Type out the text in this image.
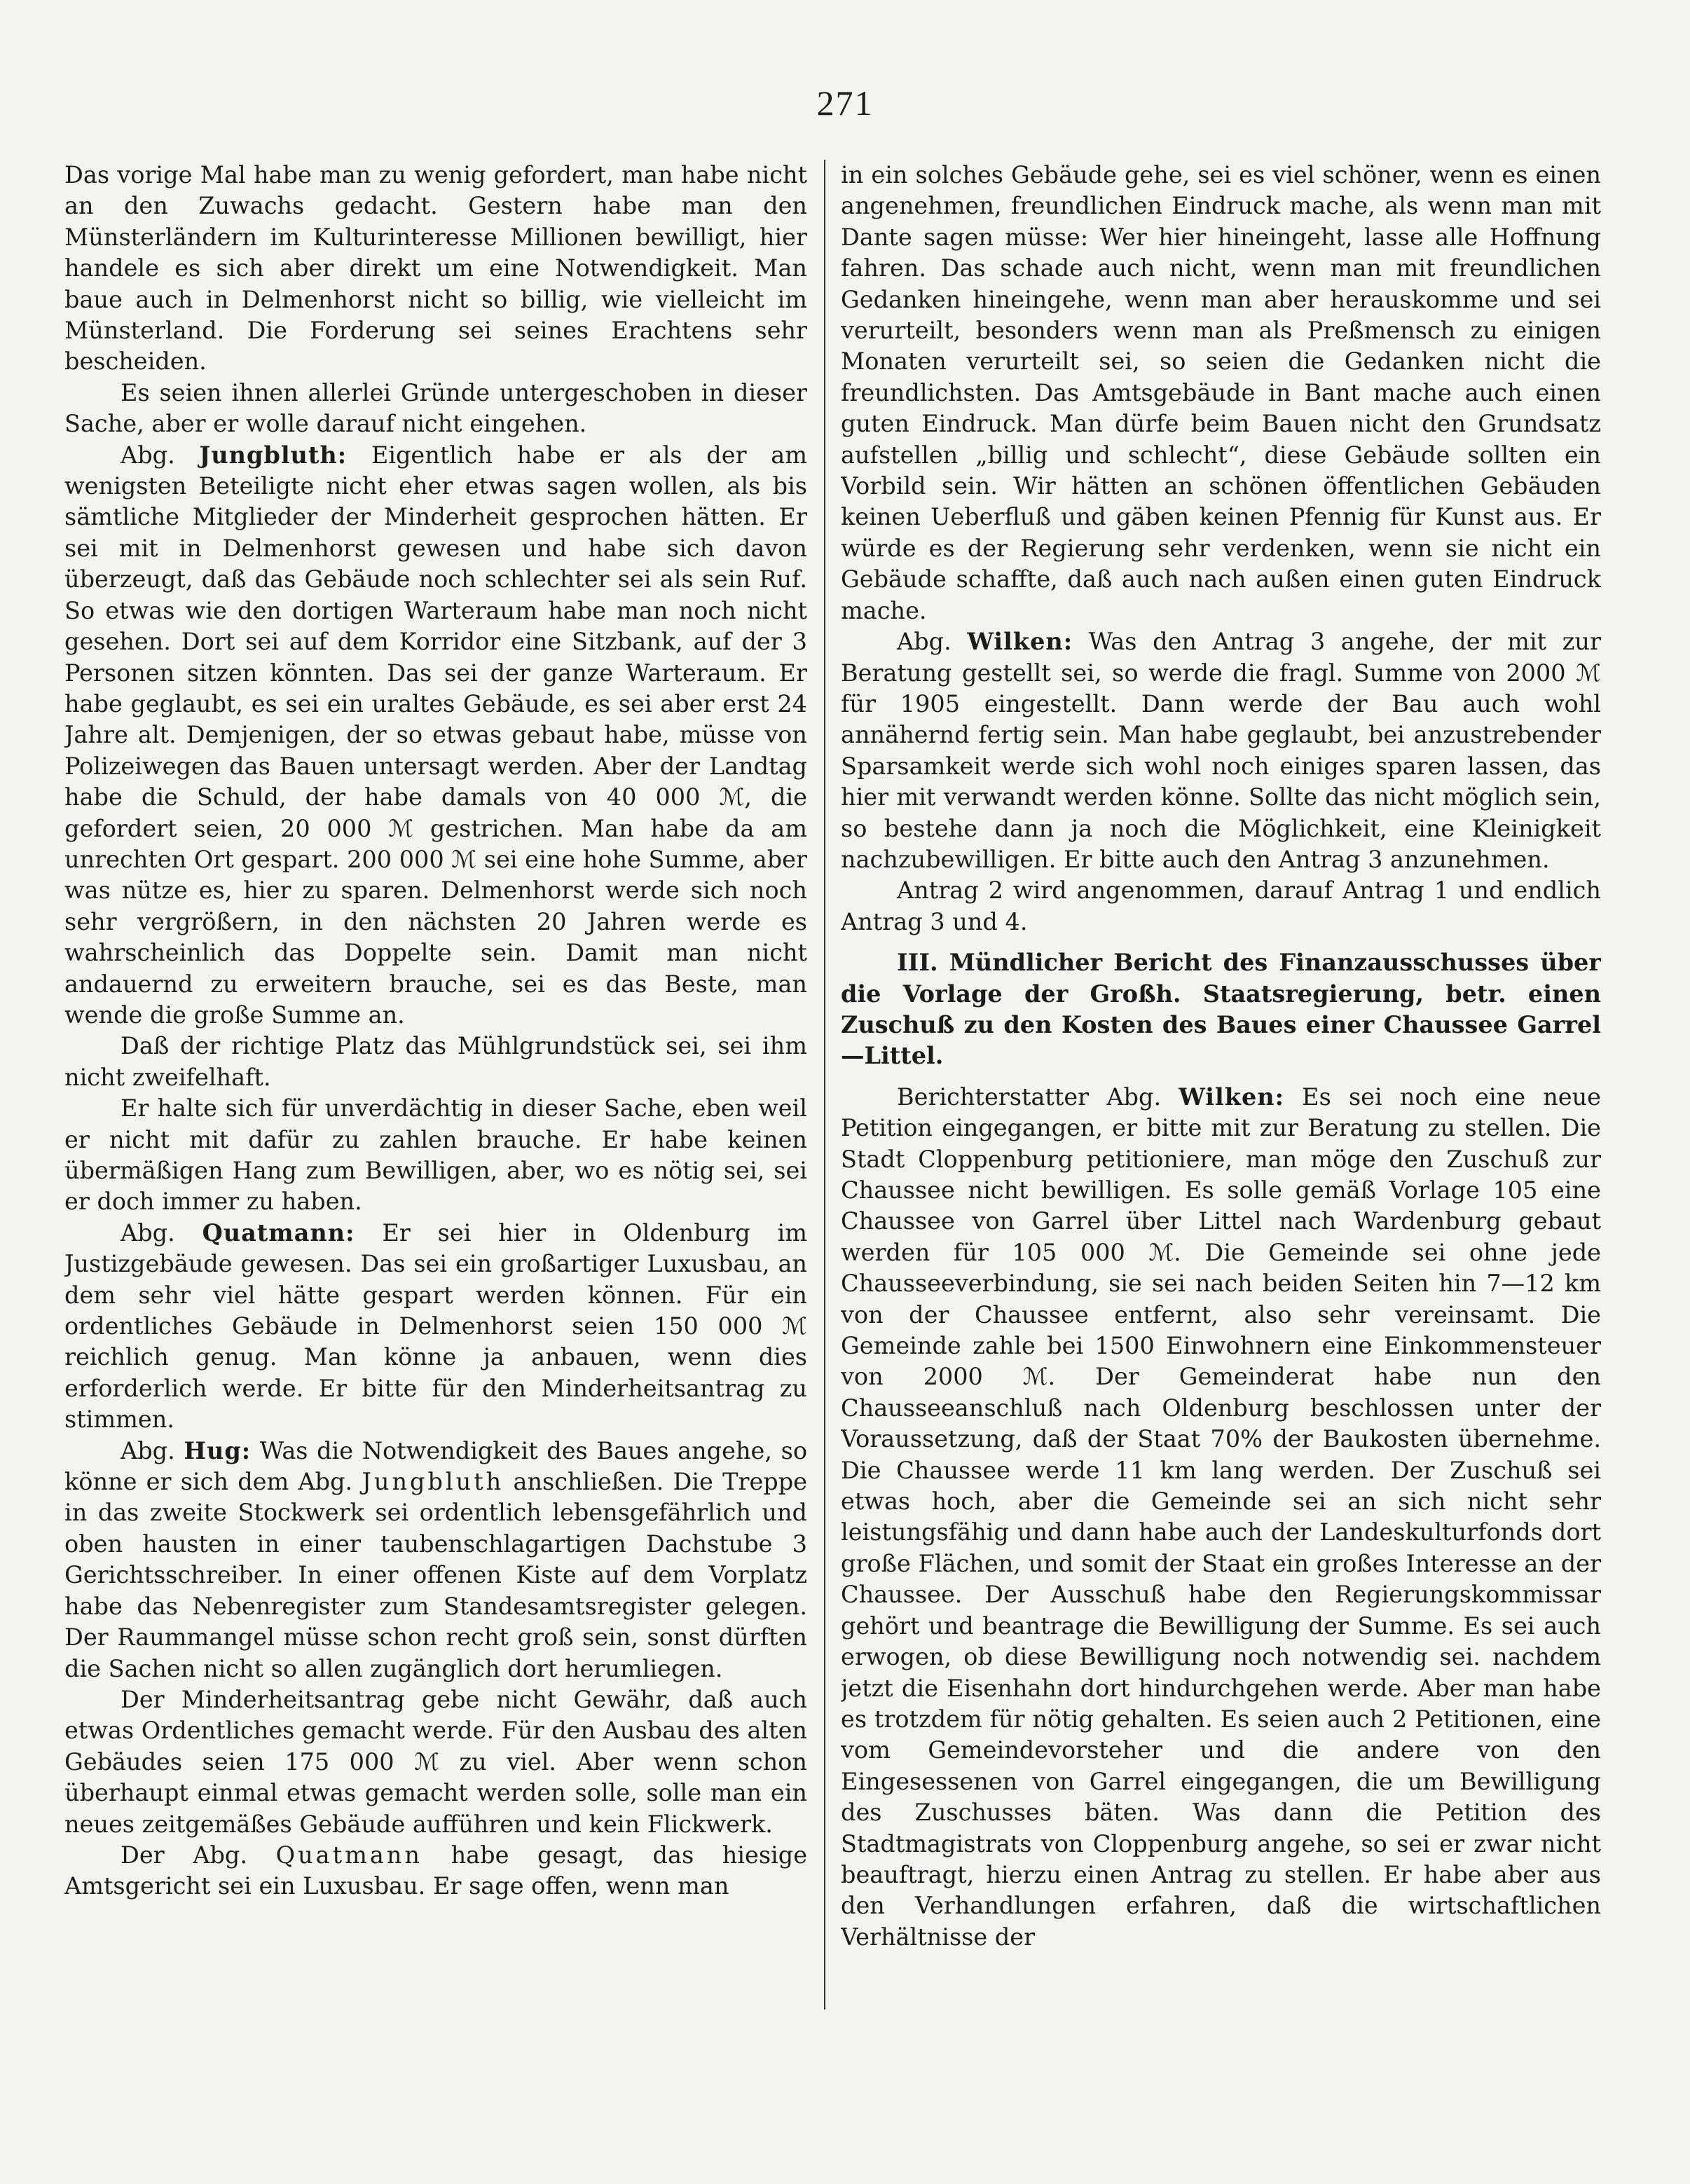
271

Das vorige Mal habe man zu wenig gefordert, man habe nicht an den Zuwachs gedacht. Gestern habe man den Münsterländern im Kulturinteresse Millionen bewilligt, hier handele es sich aber direkt um eine Notwendigkeit. Man baue auch in Delmenhorst nicht so billig, wie vielleicht im Münsterland. Die Forderung sei seines Erachtens sehr bescheiden.

Es seien ihnen allerlei Gründe untergeschoben in dieser Sache, aber er wolle darauf nicht eingehen.

Abg. Jungbluth: Eigentlich habe er als der am wenigsten Beteiligte nicht eher etwas sagen wollen, als bis sämtliche Mitglieder der Minderheit gesprochen hätten. Er sei mit in Delmenhorst gewesen und habe sich davon überzeugt, daß das Gebäude noch schlechter sei als sein Ruf. So etwas wie den dortigen Warteraum habe man noch nicht gesehen. Dort sei auf dem Korridor eine Sitzbank, auf der 3 Personen sitzen könnten. Das sei der ganze Warteraum. Er habe geglaubt, es sei ein uraltes Gebäude, es sei aber erst 24 Jahre alt. Demjenigen, der so etwas gebaut habe, müsse von Polizeiwegen das Bauen untersagt werden. Aber der Landtag habe die Schuld, der habe damals von 40 000 ℳ, die gefordert seien, 20 000 ℳ gestrichen. Man habe da am unrechten Ort gespart. 200 000 ℳ sei eine hohe Summe, aber was nütze es, hier zu sparen. Delmenhorst werde sich noch sehr vergrößern, in den nächsten 20 Jahren werde es wahrscheinlich das Doppelte sein. Damit man nicht andauernd zu erweitern brauche, sei es das Beste, man wende die große Summe an.

Daß der richtige Platz das Mühlgrundstück sei, sei ihm nicht zweifelhaft.

Er halte sich für unverdächtig in dieser Sache, eben weil er nicht mit dafür zu zahlen brauche. Er habe keinen übermäßigen Hang zum Bewilligen, aber, wo es nötig sei, sei er doch immer zu haben.

Abg. Quatmann: Er sei hier in Oldenburg im Justizgebäude gewesen. Das sei ein großartiger Luxusbau, an dem sehr viel hätte gespart werden können. Für ein ordentliches Gebäude in Delmenhorst seien 150 000 ℳ reichlich genug. Man könne ja anbauen, wenn dies erforderlich werde. Er bitte für den Minderheitsantrag zu stimmen.

Abg. Hug: Was die Notwendigkeit des Baues angehe, so könne er sich dem Abg. Jungbluth anschließen. Die Treppe in das zweite Stockwerk sei ordentlich lebensgefährlich und oben hausten in einer taubenschlagartigen Dachstube 3 Gerichtsschreiber. In einer offenen Kiste auf dem Vorplatz habe das Nebenregister zum Standesamtsregister gelegen. Der Raummangel müsse schon recht groß sein, sonst dürften die Sachen nicht so allen zugänglich dort herumliegen.

Der Minderheitsantrag gebe nicht Gewähr, daß auch etwas Ordentliches gemacht werde. Für den Ausbau des alten Gebäudes seien 175 000 ℳ zu viel. Aber wenn schon überhaupt einmal etwas gemacht werden solle, solle man ein neues zeitgemäßes Gebäude aufführen und kein Flickwerk.

Der Abg. Quatmann habe gesagt, das hiesige Amtsgericht sei ein Luxusbau. Er sage offen, wenn man

in ein solches Gebäude gehe, sei es viel schöner, wenn es einen angenehmen, freundlichen Eindruck mache, als wenn man mit Dante sagen müsse: Wer hier hineingeht, lasse alle Hoffnung fahren. Das schade auch nicht, wenn man mit freundlichen Gedanken hineingehe, wenn man aber herauskomme und sei verurteilt, besonders wenn man als Preßmensch zu einigen Monaten verurteilt sei, so seien die Gedanken nicht die freundlichsten. Das Amtsgebäude in Bant mache auch einen guten Eindruck. Man dürfe beim Bauen nicht den Grundsatz aufstellen „billig und schlecht“, diese Gebäude sollten ein Vorbild sein. Wir hätten an schönen öffentlichen Gebäuden keinen Ueberfluß und gäben keinen Pfennig für Kunst aus. Er würde es der Regierung sehr verdenken, wenn sie nicht ein Gebäude schaffte, daß auch nach außen einen guten Eindruck mache.

Abg. Wilken: Was den Antrag 3 angehe, der mit zur Beratung gestellt sei, so werde die fragl. Summe von 2000 ℳ für 1905 eingestellt. Dann werde der Bau auch wohl annähernd fertig sein. Man habe geglaubt, bei anzustrebender Sparsamkeit werde sich wohl noch einiges sparen lassen, das hier mit verwandt werden könne. Sollte das nicht möglich sein, so bestehe dann ja noch die Möglichkeit, eine Kleinigkeit nachzubewilligen. Er bitte auch den Antrag 3 anzunehmen.

Antrag 2 wird angenommen, darauf Antrag 1 und endlich Antrag 3 und 4.

III. Mündlicher Bericht des Finanzausschusses über die Vorlage der Großh. Staatsregierung, betr. einen Zuschuß zu den Kosten des Baues einer Chaussee Garrel—Littel.

Berichterstatter Abg. Wilken: Es sei noch eine neue Petition eingegangen, er bitte mit zur Beratung zu stellen. Die Stadt Cloppenburg petitioniere, man möge den Zuschuß zur Chaussee nicht bewilligen. Es solle gemäß Vorlage 105 eine Chaussee von Garrel über Littel nach Wardenburg gebaut werden für 105 000 ℳ. Die Gemeinde sei ohne jede Chausseeverbindung, sie sei nach beiden Seiten hin 7—12 km von der Chaussee entfernt, also sehr vereinsamt. Die Gemeinde zahle bei 1500 Einwohnern eine Einkommensteuer von 2000 ℳ. Der Gemeinderat habe nun den Chausseeanschluß nach Oldenburg beschlossen unter der Voraussetzung, daß der Staat 70% der Baukosten übernehme. Die Chaussee werde 11 km lang werden. Der Zuschuß sei etwas hoch, aber die Gemeinde sei an sich nicht sehr leistungsfähig und dann habe auch der Landeskulturfonds dort große Flächen, und somit der Staat ein großes Interesse an der Chaussee. Der Ausschuß habe den Regierungskommissar gehört und beantrage die Bewilligung der Summe. Es sei auch erwogen, ob diese Bewilligung noch notwendig sei. nachdem jetzt die Eisenhahn dort hindurchgehen werde. Aber man habe es trotzdem für nötig gehalten. Es seien auch 2 Petitionen, eine vom Gemeindevorsteher und die andere von den Eingesessenen von Garrel eingegangen, die um Bewilligung des Zuschusses bäten. Was dann die Petition des Stadtmagistrats von Cloppenburg angehe, so sei er zwar nicht beauftragt, hierzu einen Antrag zu stellen. Er habe aber aus den Verhandlungen erfahren, daß die wirtschaftlichen Verhältnisse der
